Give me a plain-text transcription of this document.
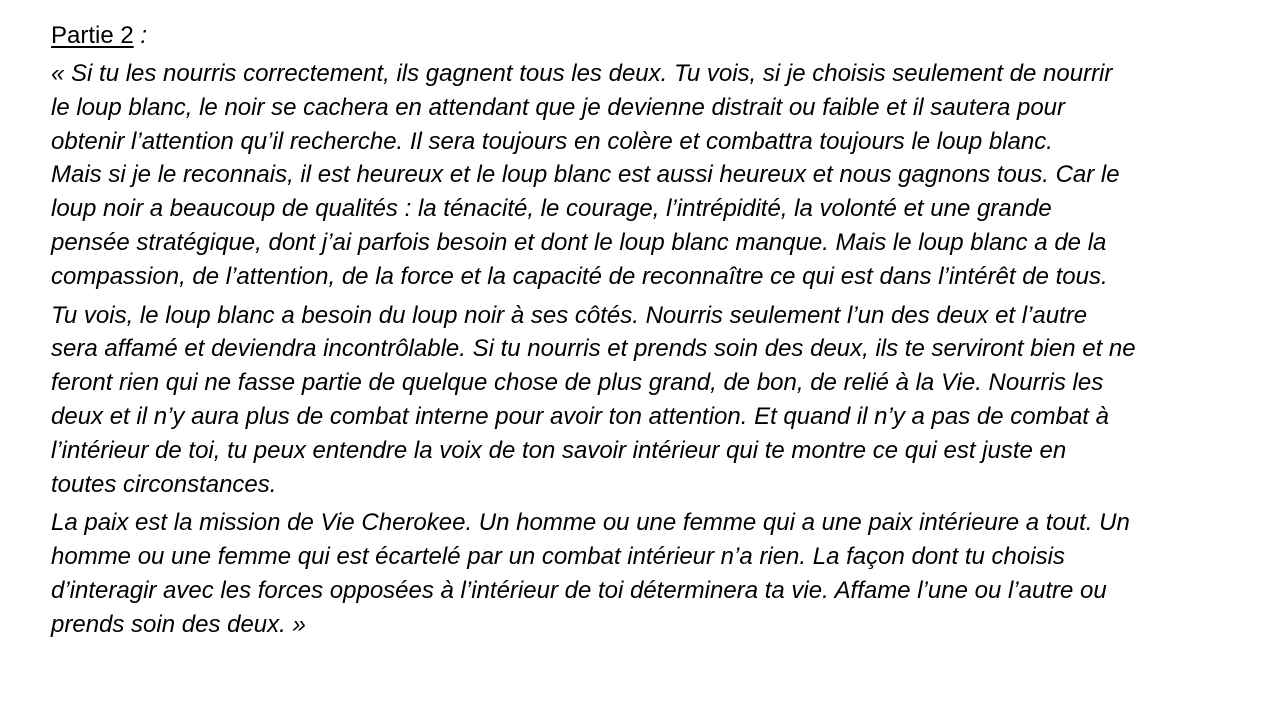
Partie 2 :

« Si tu les nourris correctement, ils gagnent tous les deux. Tu vois, si je choisis seulement de nourrir
le loup blanc, le noir se cachera en attendant que je devienne distrait ou faible et il sautera pour
obtenir l’attention qu’il recherche. Il sera toujours en colère et combattra toujours le loup blanc.
Mais si je le reconnais, il est heureux et le loup blanc est aussi heureux et nous gagnons tous. Car le
loup noir a beaucoup de qualités : la ténacité, le courage, l’intrépidité, la volonté et une grande
pensée stratégique, dont j’ai parfois besoin et dont le loup blanc manque. Mais le loup blanc a de la
compassion, de l’attention, de la force et la capacité de reconnaître ce qui est dans l’intérêt de tous.

Tu vois, le loup blanc a besoin du loup noir à ses côtés. Nourris seulement l’un des deux et l’autre
sera affamé et deviendra incontrôlable. Si tu nourris et prends soin des deux, ils te serviront bien et ne
feront rien qui ne fasse partie de quelque chose de plus grand, de bon, de relié à la Vie. Nourris les
deux et il n’y aura plus de combat interne pour avoir ton attention. Et quand il n’y a pas de combat à
l’intérieur de toi, tu peux entendre la voix de ton savoir intérieur qui te montre ce qui est juste en
toutes circonstances.

La paix est la mission de Vie Cherokee. Un homme ou une femme qui a une paix intérieure a tout. Un
homme ou une femme qui est écartelé par un combat intérieur n’a rien. La façon dont tu choisis
d’interagir avec les forces opposées à l’intérieur de toi déterminera ta vie. Affame l’une ou l’autre ou
prends soin des deux. »
